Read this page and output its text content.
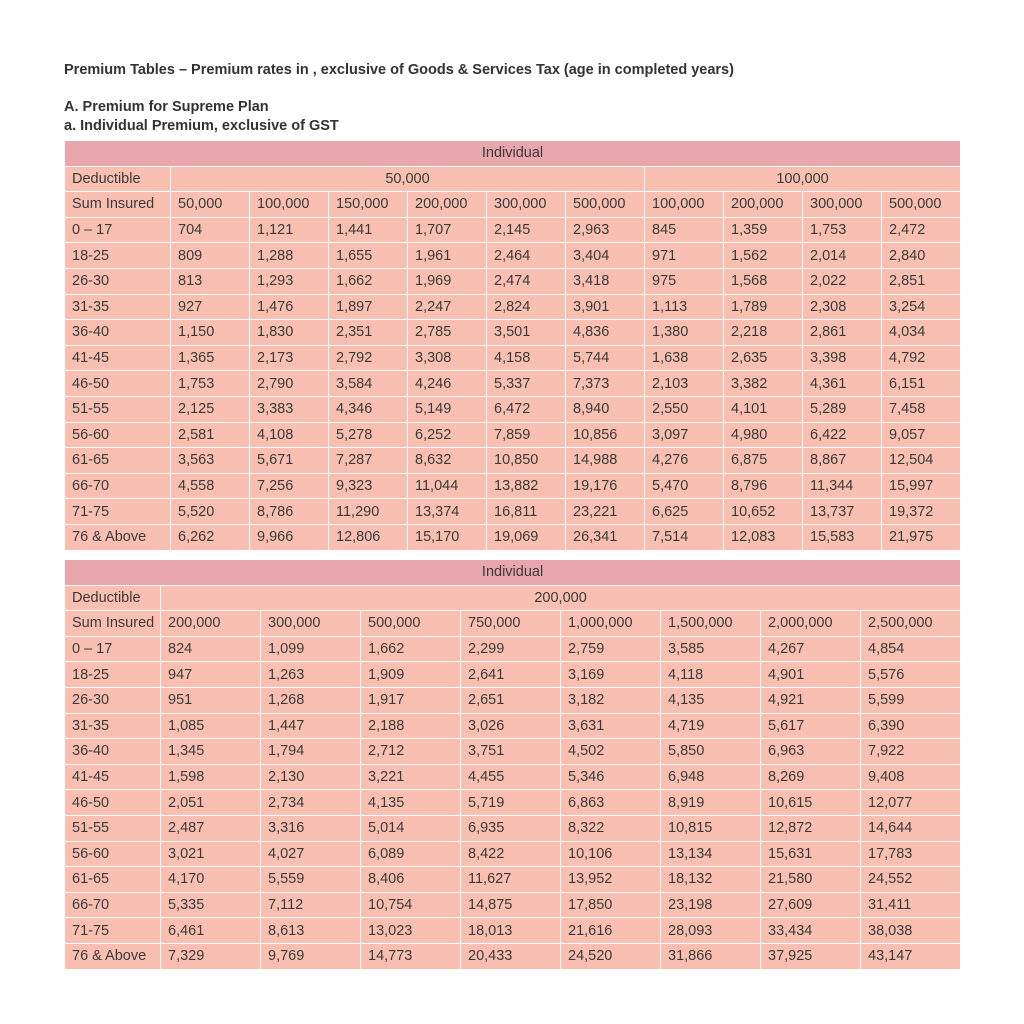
Premium Tables – Premium rates in , exclusive of Goods & Services Tax (age in completed years)
A. Premium for Supreme Plan
a. Individual Premium, exclusive of GST
Individual										
Deductible	50,000						100,000			
Sum Insured	50,000	100,000	150,000	200,000	300,000	500,000	100,000	200,000	300,000	500,000
0 – 17	704	1,121	1,441	1,707	2,145	2,963	845	1,359	1,753	2,472
18-25	809	1,288	1,655	1,961	2,464	3,404	971	1,562	2,014	2,840
26-30	813	1,293	1,662	1,969	2,474	3,418	975	1,568	2,022	2,851
31-35	927	1,476	1,897	2,247	2,824	3,901	1,113	1,789	2,308	3,254
36-40	1,150	1,830	2,351	2,785	3,501	4,836	1,380	2,218	2,861	4,034
41-45	1,365	2,173	2,792	3,308	4,158	5,744	1,638	2,635	3,398	4,792
46-50	1,753	2,790	3,584	4,246	5,337	7,373	2,103	3,382	4,361	6,151
51-55	2,125	3,383	4,346	5,149	6,472	8,940	2,550	4,101	5,289	7,458
56-60	2,581	4,108	5,278	6,252	7,859	10,856	3,097	4,980	6,422	9,057
61-65	3,563	5,671	7,287	8,632	10,850	14,988	4,276	6,875	8,867	12,504
66-70	4,558	7,256	9,323	11,044	13,882	19,176	5,470	8,796	11,344	15,997
71-75	5,520	8,786	11,290	13,374	16,811	23,221	6,625	10,652	13,737	19,372
76 & Above	6,262	9,966	12,806	15,170	19,069	26,341	7,514	12,083	15,583	21,975
Individual								
Deductible	200,000							
Sum Insured	200,000	300,000	500,000	750,000	1,000,000	1,500,000	2,000,000	2,500,000
0 – 17	824	1,099	1,662	2,299	2,759	3,585	4,267	4,854
18-25	947	1,263	1,909	2,641	3,169	4,118	4,901	5,576
26-30	951	1,268	1,917	2,651	3,182	4,135	4,921	5,599
31-35	1,085	1,447	2,188	3,026	3,631	4,719	5,617	6,390
36-40	1,345	1,794	2,712	3,751	4,502	5,850	6,963	7,922
41-45	1,598	2,130	3,221	4,455	5,346	6,948	8,269	9,408
46-50	2,051	2,734	4,135	5,719	6,863	8,919	10,615	12,077
51-55	2,487	3,316	5,014	6,935	8,322	10,815	12,872	14,644
56-60	3,021	4,027	6,089	8,422	10,106	13,134	15,631	17,783
61-65	4,170	5,559	8,406	11,627	13,952	18,132	21,580	24,552
66-70	5,335	7,112	10,754	14,875	17,850	23,198	27,609	31,411
71-75	6,461	8,613	13,023	18,013	21,616	28,093	33,434	38,038
76 & Above	7,329	9,769	14,773	20,433	24,520	31,866	37,925	43,147
